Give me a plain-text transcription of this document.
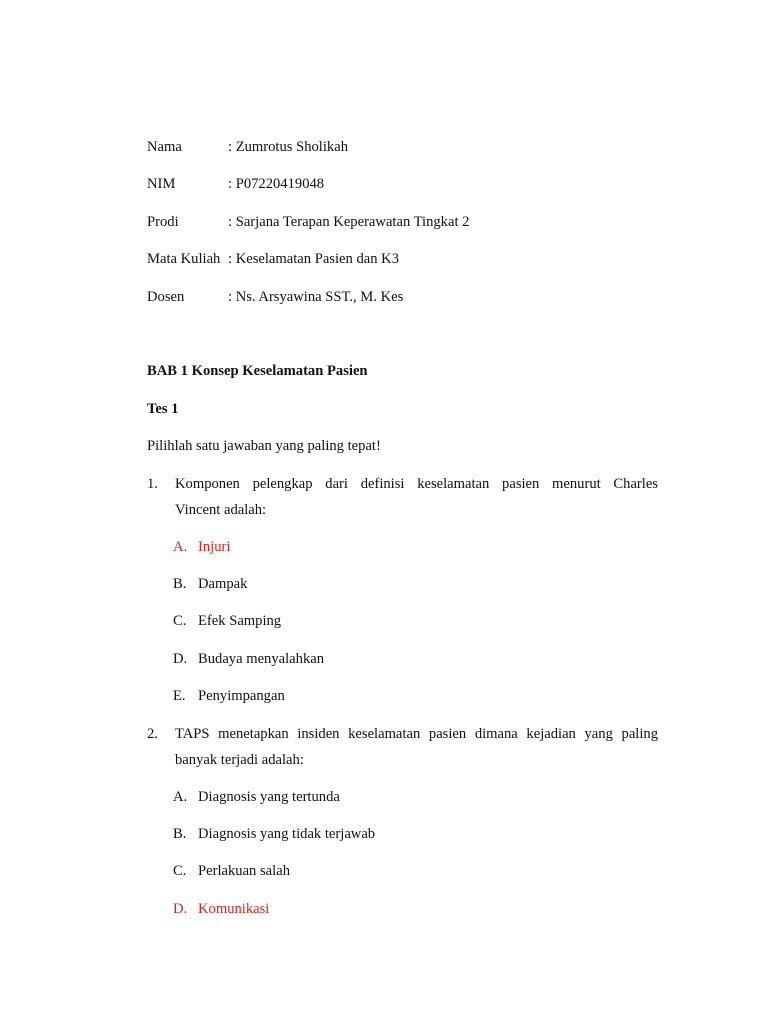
Nama	: Zumrotus Sholikah
NIM	: P07220419048
Prodi	: Sarjana Terapan Keperawatan Tingkat 2
Mata Kuliah : Keselamatan Pasien dan K3
Dosen	: Ns. Arsyawina SST., M. Kes
BAB 1 Konsep Keselamatan Pasien
Tes 1
Pilihlah satu jawaban yang paling tepat!
1. Komponen pelengkap dari definisi keselamatan pasien menurut Charles
Vincent adalah:
A. Injuri
B. Dampak
C. Efek Samping
D. Budaya menyalahkan
E. Penyimpangan
2. TAPS menetapkan insiden keselamatan pasien dimana kejadian yang paling
banyak terjadi adalah:
A. Diagnosis yang tertunda
B. Diagnosis yang tidak terjawab
C. Perlakuan salah
D. Komunikasi
